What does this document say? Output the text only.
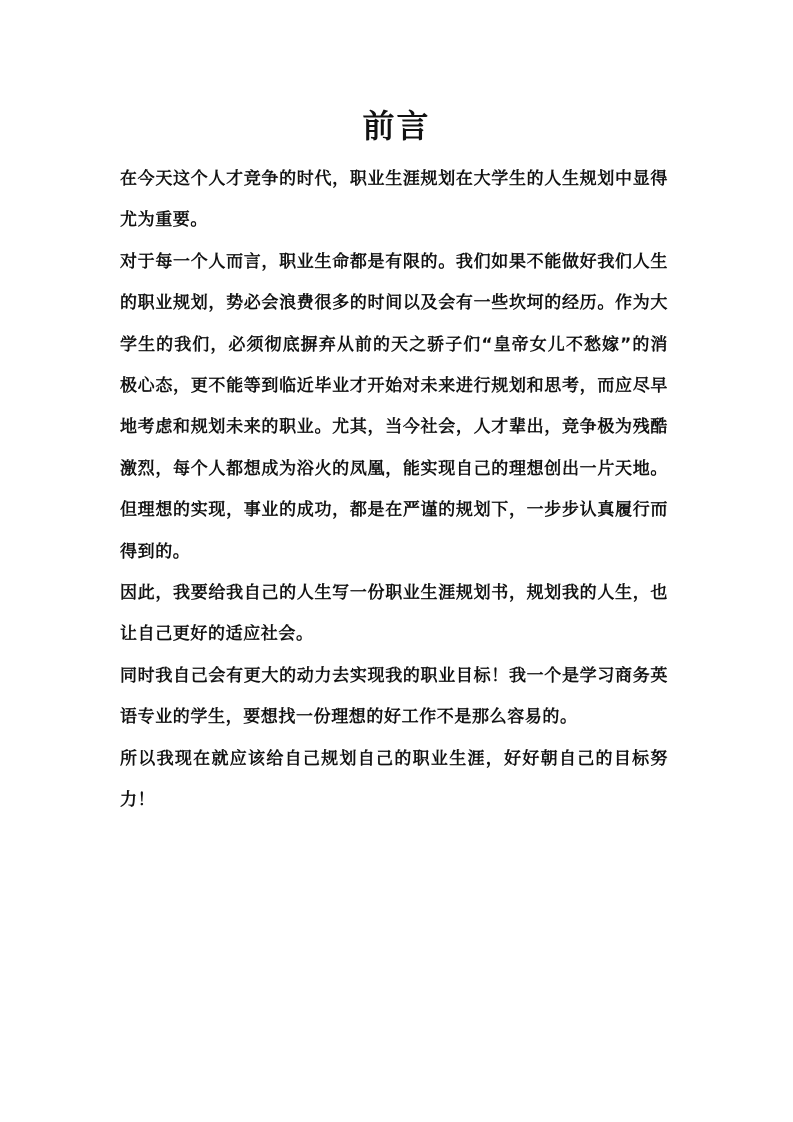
前言

在今天这个人才竞争的时代，职业生涯规划在大学生的人生规划中显得尤为重要。

对于每一个人而言，职业生命都是有限的。我们如果不能做好我们人生的职业规划，势必会浪费很多的时间以及会有一些坎坷的经历。作为大学生的我们，必须彻底摒弃从前的天之骄子们“皇帝女儿不愁嫁”的消极心态，更不能等到临近毕业才开始对未来进行规划和思考，而应尽早地考虑和规划未来的职业。尤其，当今社会，人才辈出，竞争极为残酷激烈，每个人都想成为浴火的凤凰，能实现自己的理想创出一片天地。但理想的实现，事业的成功，都是在严谨的规划下，一步步认真履行而得到的。

因此，我要给我自己的人生写一份职业生涯规划书，规划我的人生，也让自己更好的适应社会。

同时我自己会有更大的动力去实现我的职业目标！我一个是学习商务英语专业的学生，要想找一份理想的好工作不是那么容易的。

所以我现在就应该给自己规划自己的职业生涯，好好朝自己的目标努力！
